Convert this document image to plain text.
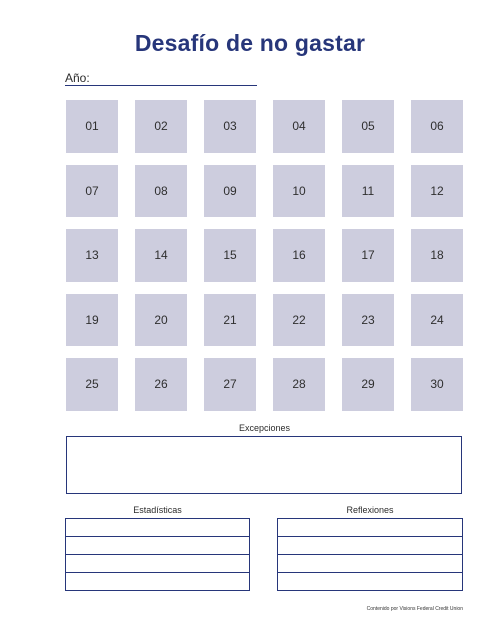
Desafío de no gastar
Año:
01	02	03	04	05	06
07	08	09	10	11	12
13	14	15	16	17	18
19	20	21	22	23	24
25	26	27	28	29	30
Excepciones
Estadísticas	Reflexiones
Contenido por Visions Federal Credit Union
